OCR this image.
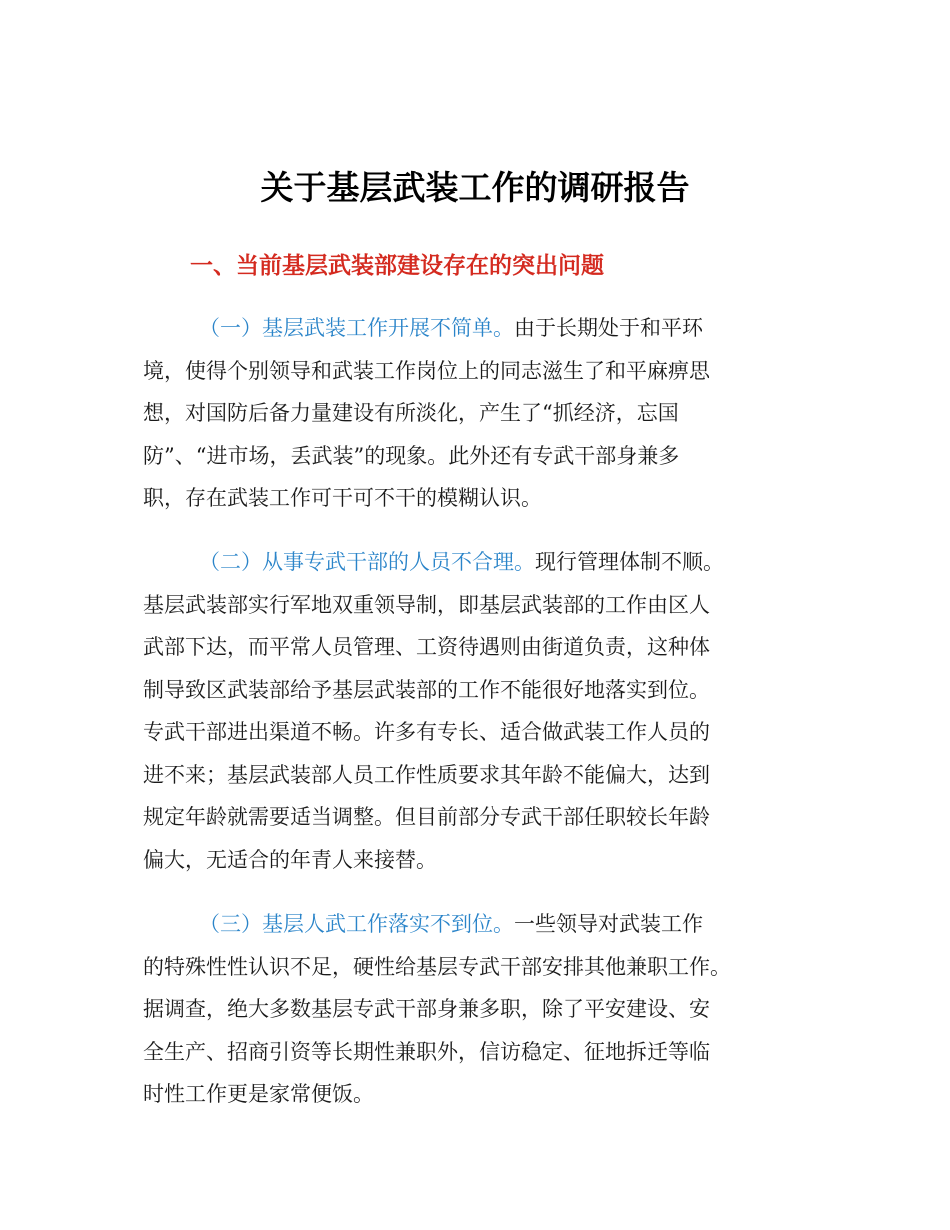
关于基层武装工作的调研报告
一、当前基层武装部建设存在的突出问题
（一）基层武装工作开展不简单。由于长期处于和平环
境，使得个别领导和武装工作岗位上的同志滋生了和平麻痹思
想，对国防后备力量建设有所淡化，产生了“抓经济，忘国
防”、“进市场，丢武装”的现象。此外还有专武干部身兼多
职，存在武装工作可干可不干的模糊认识。
（二）从事专武干部的人员不合理。现行管理体制不顺。
基层武装部实行军地双重领导制，即基层武装部的工作由区人
武部下达，而平常人员管理、工资待遇则由街道负责，这种体
制导致区武装部给予基层武装部的工作不能很好地落实到位。
专武干部进出渠道不畅。许多有专长、适合做武装工作人员的
进不来；基层武装部人员工作性质要求其年龄不能偏大，达到
规定年龄就需要适当调整。但目前部分专武干部任职较长年龄
偏大，无适合的年青人来接替。
（三）基层人武工作落实不到位。一些领导对武装工作
的特殊性性认识不足，硬性给基层专武干部安排其他兼职工作。
据调查，绝大多数基层专武干部身兼多职，除了平安建设、安
全生产、招商引资等长期性兼职外，信访稳定、征地拆迁等临
时性工作更是家常便饭。
